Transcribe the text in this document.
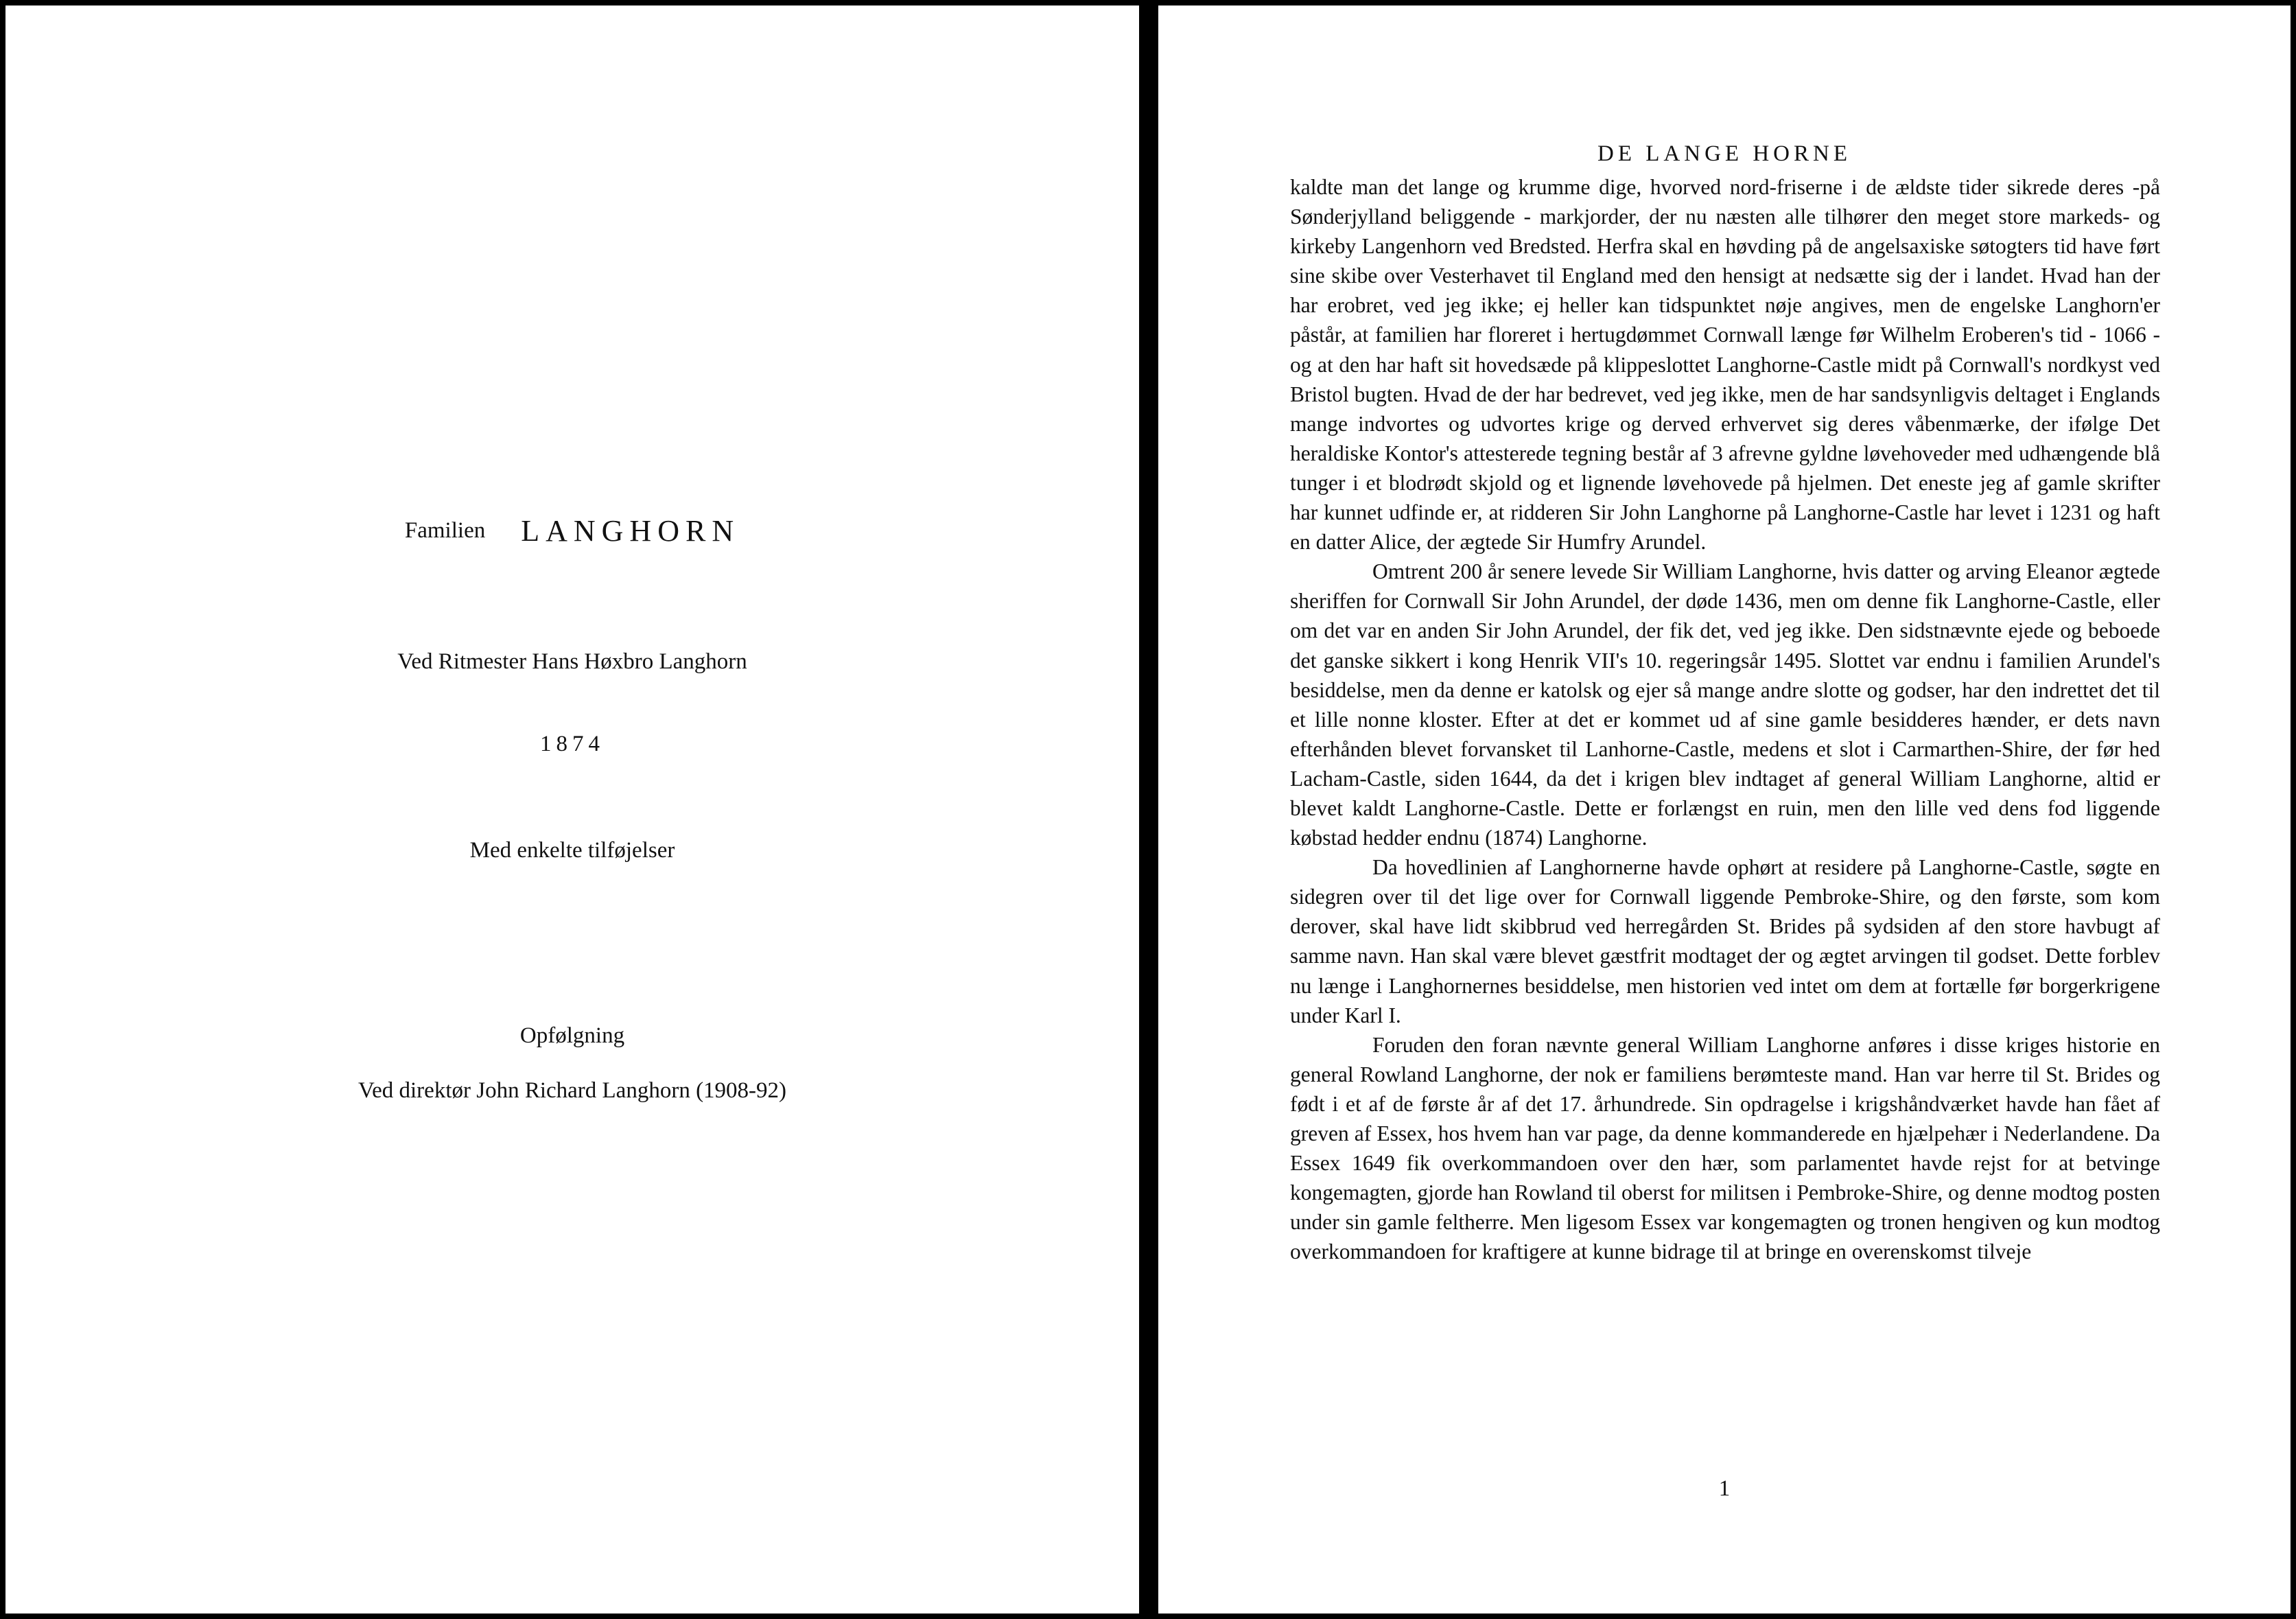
Familien LANGHORN
Ved Ritmester Hans Høxbro Langhorn
1874
Med enkelte tilføjelser
Opfølgning
Ved direktør John Richard Langhorn (1908-92)
DE LANGE HORNE

kaldte man det lange og krumme dige, hvorved nord-friserne i de ældste tider sikrede deres -på Sønderjylland beliggende - markjorder, der nu næsten alle tilhører den meget store markeds- og kirkeby Langenhorn ved Bredsted. Herfra skal en høvding på de angelsaxiske søtogters tid have ført sine skibe over Vesterhavet til England med den hensigt at nedsætte sig der i landet. Hvad han der har erobret, ved jeg ikke; ej heller kan tidspunktet nøje angives, men de engelske Langhorn'er påstår, at familien har floreret i hertugdømmet Cornwall længe før Wilhelm Eroberen's tid - 1066 - og at den har haft sit hovedsæde på klippeslottet Langhorne-Castle midt på Cornwall's nordkyst ved Bristol bugten. Hvad de der har bedrevet, ved jeg ikke, men de har sandsynligvis deltaget i Englands mange indvortes og udvortes krige og derved erhvervet sig deres våbenmærke, der ifølge Det heraldiske Kontor's attesterede tegning består af 3 afrevne gyldne løvehoveder med udhængende blå tunger i et blodrødt skjold og et lignende løvehovede på hjelmen. Det eneste jeg af gamle skrifter har kunnet udfinde er, at ridderen Sir John Langhorne på Langhorne-Castle har levet i 1231 og haft en datter Alice, der ægtede Sir Humfry Arundel.

Omtrent 200 år senere levede Sir William Langhorne, hvis datter og arving Eleanor ægtede sheriffen for Cornwall Sir John Arundel, der døde 1436, men om denne fik Langhorne-Castle, eller om det var en anden Sir John Arundel, der fik det, ved jeg ikke. Den sidstnævnte ejede og beboede det ganske sikkert i kong Henrik VII's 10. regeringsår 1495. Slottet var endnu i familien Arundel's besiddelse, men da denne er katolsk og ejer så mange andre slotte og godser, har den indrettet det til et lille nonne kloster. Efter at det er kommet ud af sine gamle besidderes hænder, er dets navn efterhånden blevet forvansket til Lanhorne-Castle, medens et slot i Carmarthen-Shire, der før hed Lacham-Castle, siden 1644, da det i krigen blev indtaget af general William Langhorne, altid er blevet kaldt Langhorne-Castle. Dette er forlængst en ruin, men den lille ved dens fod liggende købstad hedder endnu (1874) Langhorne.

Da hovedlinien af Langhornerne havde ophørt at residere på Langhorne-Castle, søgte en sidegren over til det lige over for Cornwall liggende Pembroke-Shire, og den første, som kom derover, skal have lidt skibbrud ved herregården St. Brides på sydsiden af den store havbugt af samme navn. Han skal være blevet gæstfrit modtaget der og ægtet arvingen til godset. Dette forblev nu længe i Langhornernes besiddelse, men historien ved intet om dem at fortælle før borgerkrigene under Karl I.

Foruden den foran nævnte general William Langhorne anføres i disse kriges historie en general Rowland Langhorne, der nok er familiens berømteste mand. Han var herre til St. Brides og født i et af de første år af det 17. århundrede. Sin opdragelse i krigshåndværket havde han fået af greven af Essex, hos hvem han var page, da denne kommanderede en hjælpehær i Nederlandene. Da Essex 1649 fik overkommandoen over den hær, som parlamentet havde rejst for at betvinge kongemagten, gjorde han Rowland til oberst for militsen i Pembroke-Shire, og denne modtog posten under sin gamle feltherre. Men ligesom Essex var kongemagten og tronen hengiven og kun modtog overkommandoen for kraftigere at kunne bidrage til at bringe en overenskomst tilveje

1
